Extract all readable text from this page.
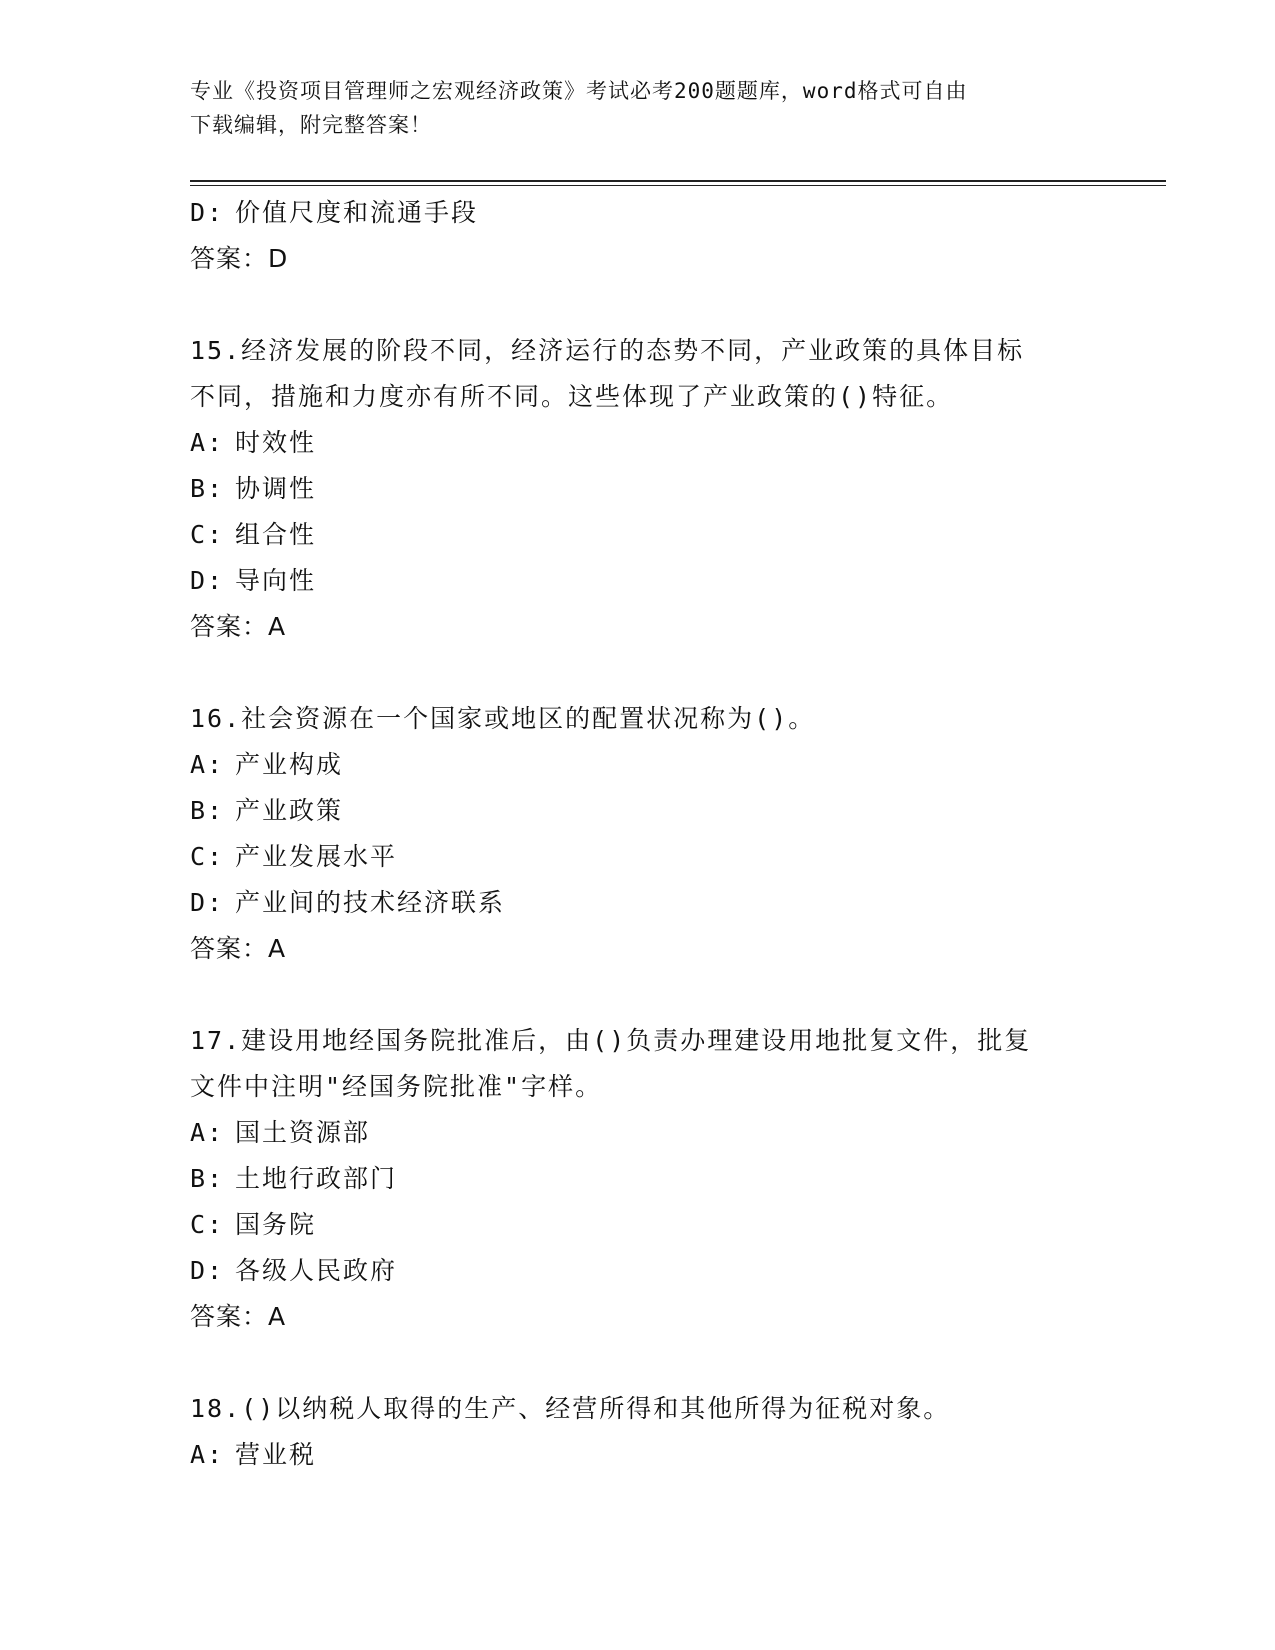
专业《投资项目管理师之宏观经济政策》考试必考200题题库，word格式可自由
下载编辑，附完整答案！
D: 价值尺度和流通手段
答案：D
15.经济发展的阶段不同，经济运行的态势不同，产业政策的具体目标
不同，措施和力度亦有所不同。这些体现了产业政策的()特征。
A: 时效性
B: 协调性
C: 组合性
D: 导向性
答案：A
16.社会资源在一个国家或地区的配置状况称为()。
A: 产业构成
B: 产业政策
C: 产业发展水平
D: 产业间的技术经济联系
答案：A
17.建设用地经国务院批准后，由()负责办理建设用地批复文件，批复
文件中注明"经国务院批准"字样。
A: 国土资源部
B: 土地行政部门
C: 国务院
D: 各级人民政府
答案：A
18.()以纳税人取得的生产、经营所得和其他所得为征税对象。
A: 营业税
